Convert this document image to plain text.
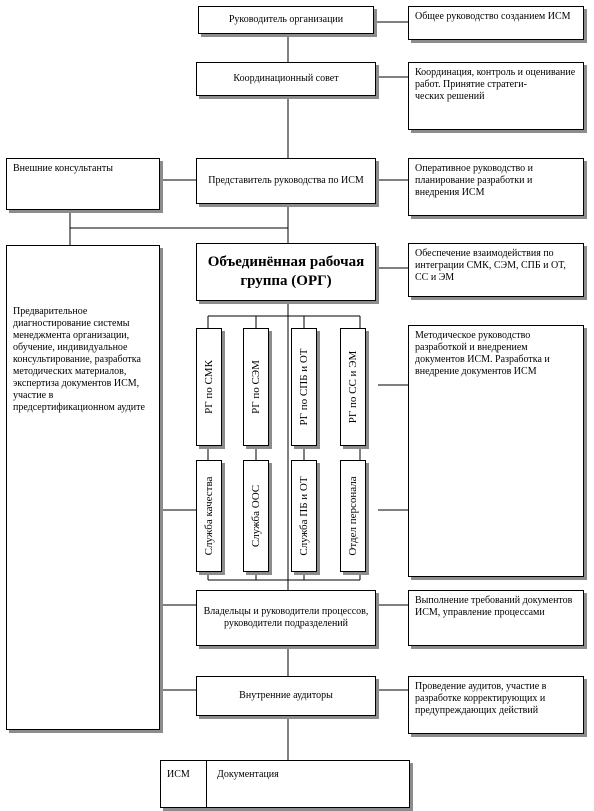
Руководитель организации
Координационный совет
Представитель руководства по ИСМ
Объединённая рабочая группа (ОРГ)
РГ по СМК	РГ по СЭМ	РГ по СПБ и ОТ	РГ по СС и ЭМ
Служба качества	Служба ООС	Служба ПБ и ОТ	Отдел персонала
Владельцы и руководители процессов, руководители подразделений
Внутренние аудиторы
Общее руководство созданием ИСМ
Координация, контроль и оценивание работ. Принятие стратеги-
ческих решений
Оперативное руководство и планирование разработки и внедрения ИСМ
Обеспечение взаимодействия по интеграции СМК, СЭМ, СПБ и ОТ, СС и ЭМ
Методическое руководство разработкой и внедрением документов ИСМ. Разработка и внедрение документов ИСМ
Выполнение требований документов ИСМ, управление процессами
Проведение аудитов, участие в разработке корректирующих и предупреждающих действий
Внешние консультанты
Предварительное диагностирование системы менеджмента организации, обучение, индивидуальное консультирование, разработка методических материалов, экспертиза документов ИСМ, участие в предсертификационном аудите
ИСМ	Документация
